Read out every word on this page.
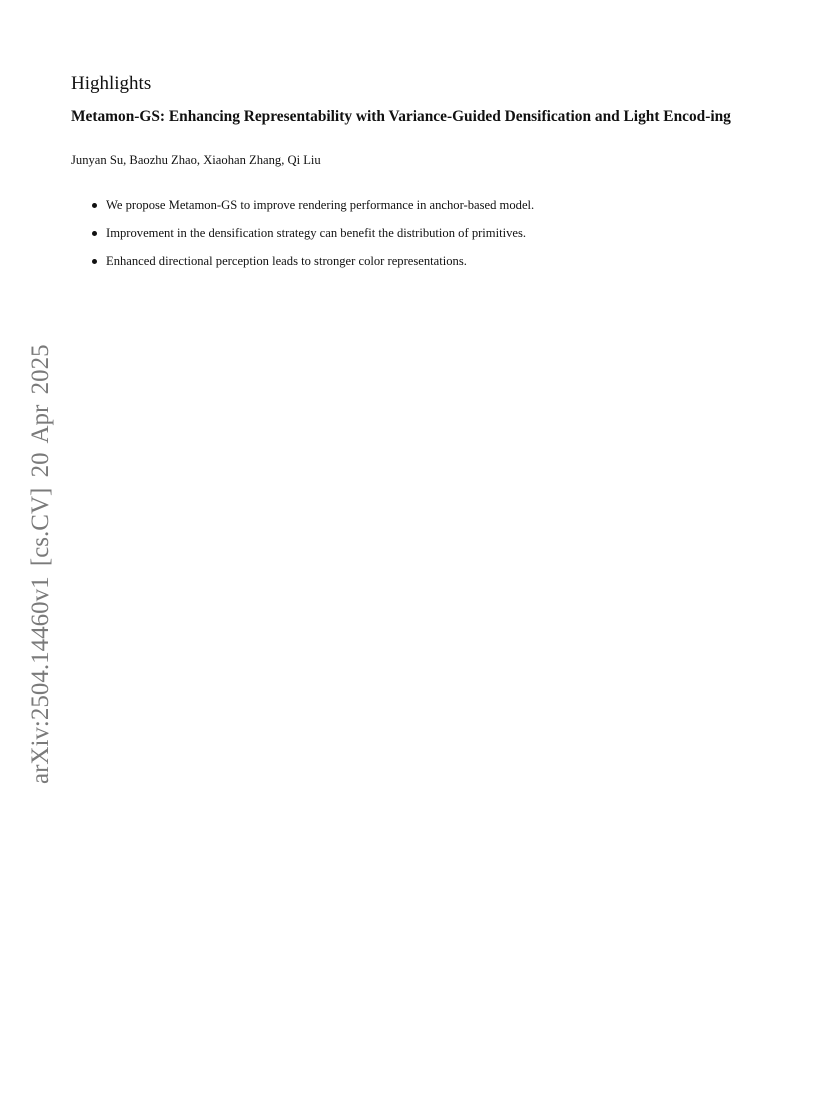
Highlights
Metamon-GS: Enhancing Representability with Variance-Guided Densification and Light Encod-ing
Junyan Su, Baozhu Zhao, Xiaohan Zhang, Qi Liu
We propose Metamon-GS to improve rendering performance in anchor-based model.
Improvement in the densification strategy can benefit the distribution of primitives.
Enhanced directional perception leads to stronger color representations.
arXiv:2504.14460v1 [cs.CV] 20 Apr 2025
